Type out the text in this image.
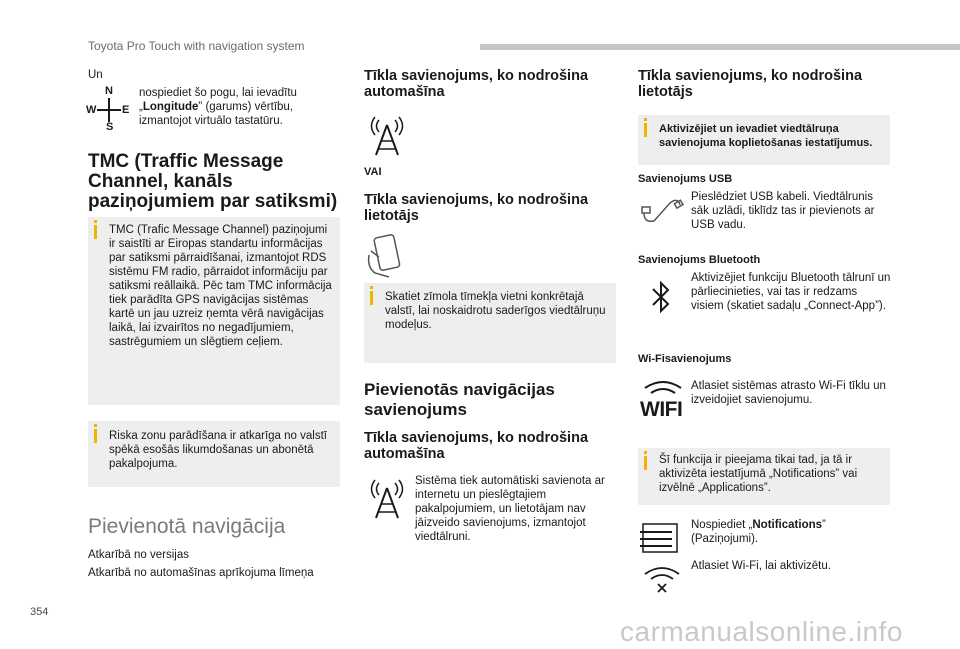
Toyota Pro Touch with navigation system
Un
N
W E
S
nospiediet šo pogu, lai ievadītu „Longitude” (garums) vērtību, izmantojot virtuālo tastatūru.
TMC (Traffic Message
Channel, kanāls
paziņojumiem par satiksmi)
TMC (Trafic Message Channel) paziņojumi ir saistīti ar Eiropas standartu informācijas par satiksmi pārraidīšanai, izmantojot RDS sistēmu FM radio, pārraidot informāciju par satiksmi reāllaikā. Pēc tam TMC informācija tiek parādīta GPS navigācijas sistēmas kartē un jau uzreiz ņemta vērā navigācijas laikā, lai izvairītos no negadījumiem, sastrēgumiem un slēgtiem ceļiem.
Riska zonu parādīšana ir atkarīga no valstī spēkā esošās likumdošanas un abonētā pakalpojuma.
Pievienotā navigācija
Atkarībā no versijas
Atkarībā no automašīnas aprīkojuma līmeņa
Tīkla savienojums, ko nodrošina automašīna
VAI
Tīkla savienojums, ko nodrošina lietotājs
Skatiet zīmola tīmekļa vietni konkrētajā valstī, lai noskaidrotu saderīgos viedtālruņu modeļus.
Pievienotās navigācijas savienojums
Tīkla savienojums, ko nodrošina automašīna
Sistēma tiek automātiski savienota ar internetu un pieslēgtajiem pakalpojumiem, un lietotājam nav jāizveido savienojums, izmantojot viedtālruni.
Tīkla savienojums, ko nodrošina lietotājs
Aktivizējiet un ievadiet viedtālruņa savienojuma koplietošanas iestatījumus.
Savienojums USB
Pieslēdziet USB kabeli. Viedtālrunis sāk uzlādi, tiklīdz tas ir pievienots ar USB vadu.
Savienojums Bluetooth
Aktivizējiet funkciju Bluetooth tālrunī un pārliecinieties, vai tas ir redzams visiem (skatiet sadaļu „Connect-App”).
Wi-Fisavienojums
WIFI
Atlasiet sistēmas atrasto Wi-Fi tīklu un izveidojiet savienojumu.
Šī funkcija ir pieejama tikai tad, ja tā ir aktivizēta iestatījumā „Notifications” vai izvēlnē „Applications”.
Nospiediet „Notifications” (Paziņojumi).
Atlasiet Wi-Fi, lai aktivizētu.
354
carmanualsonline.info
